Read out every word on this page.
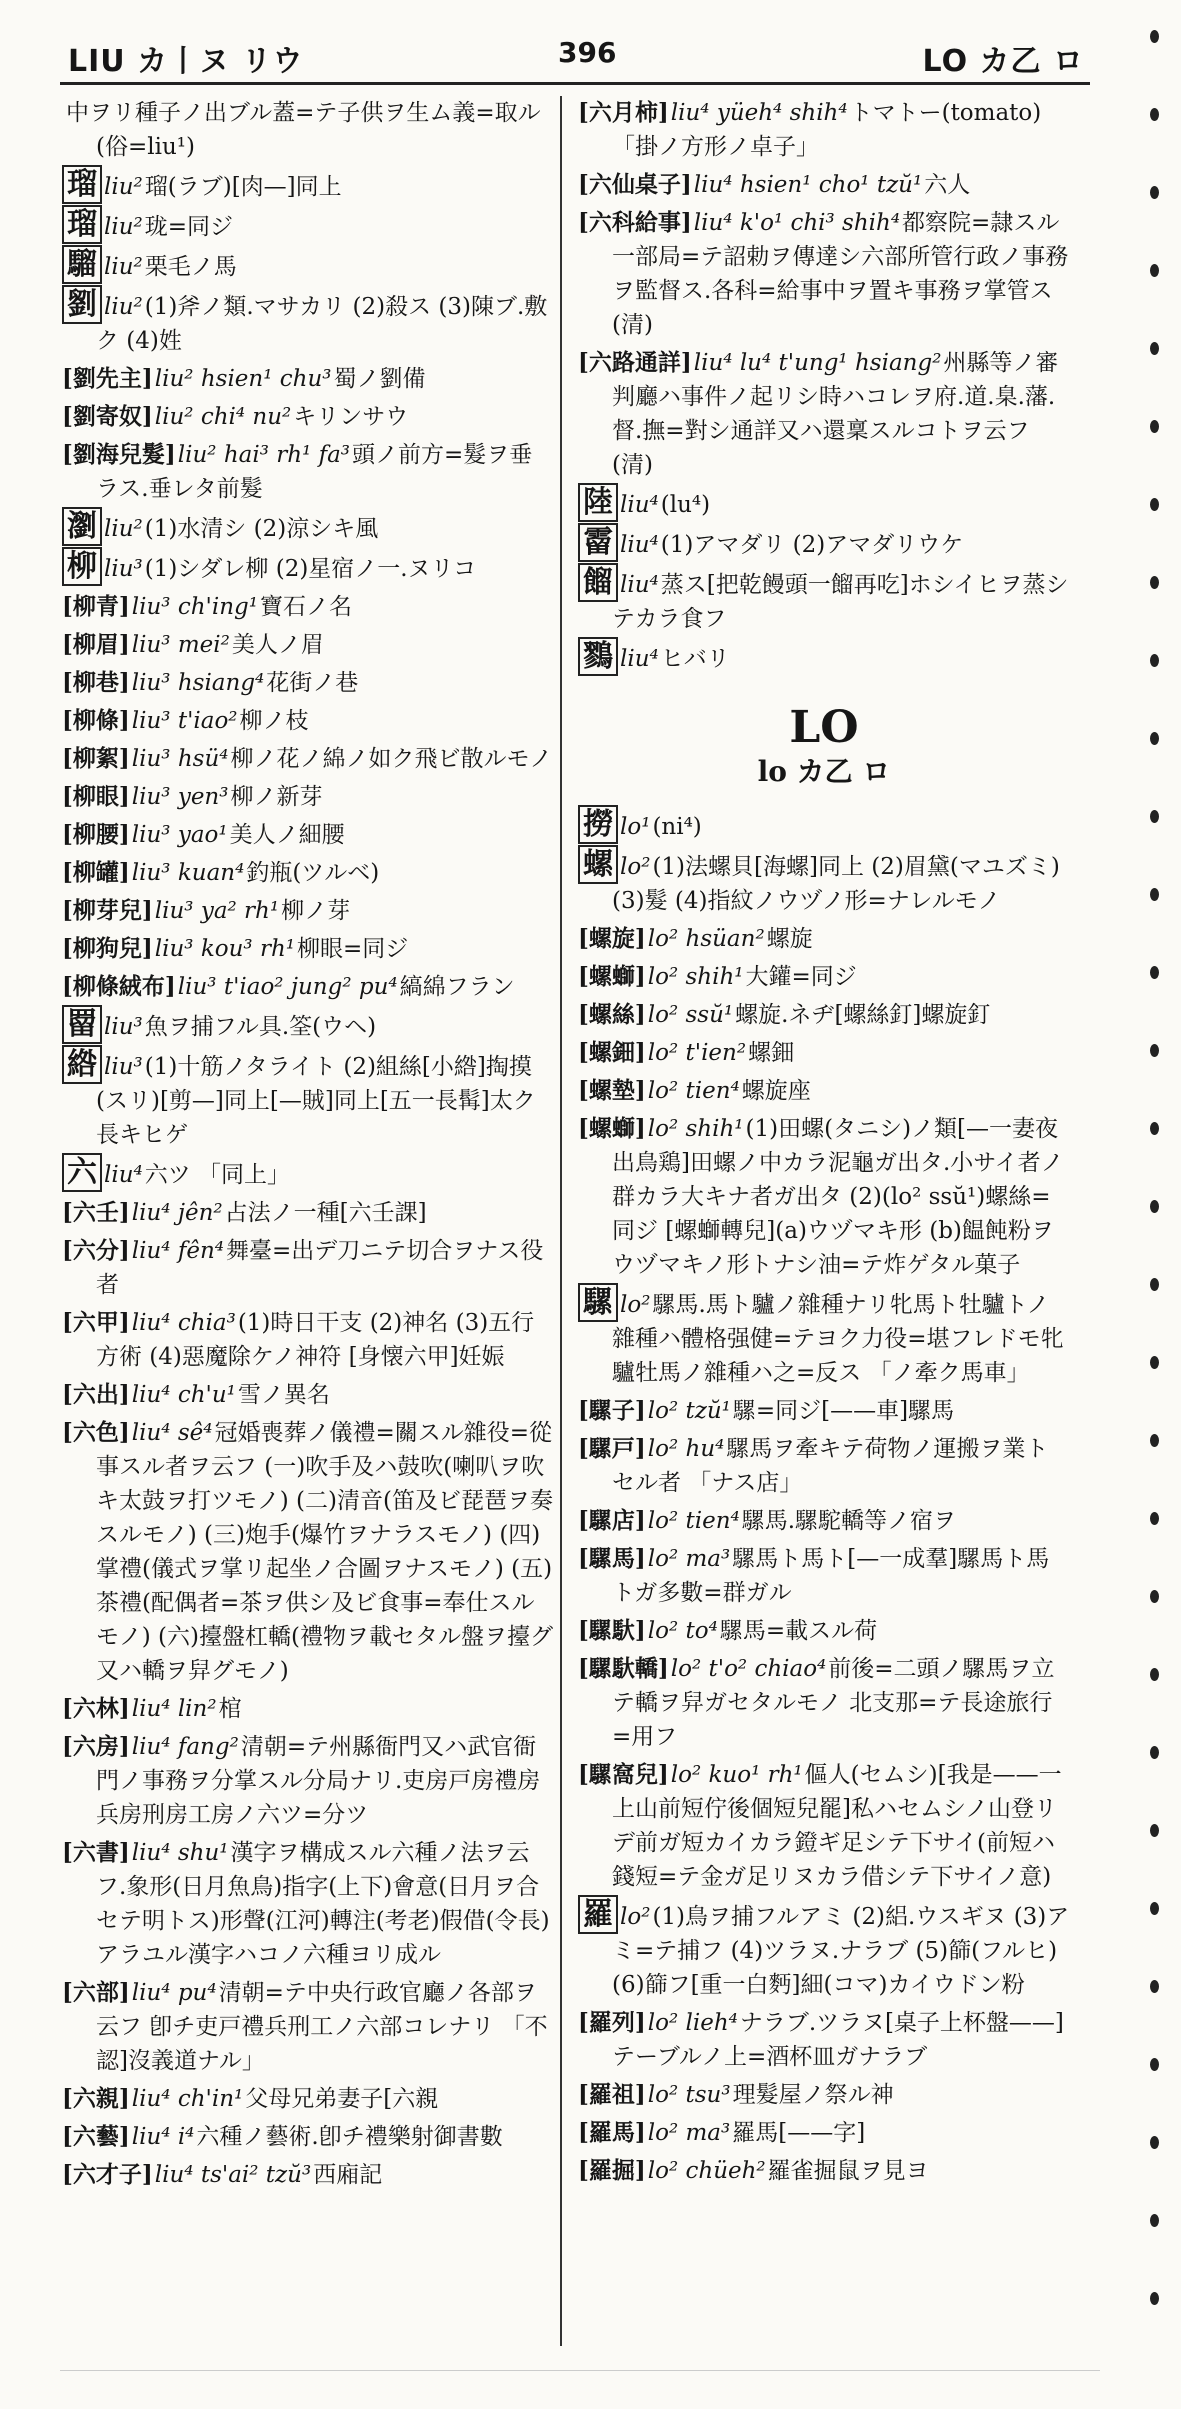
LIU カ丨ヌ リウ	396	LO カ乙 ロ
中ヲリ種子ノ出ブル蓋=テ子供ヲ生ム義=取ル(俗=liu¹)
瑠 liu²瑠(ラブ)[肉—]同上
瑠 liu²珑=同ジ
騮 liu²栗毛ノ馬
劉 liu²(1)斧ノ類.マサカリ (2)殺ス (3)陳ブ.敷ク (4)姓
[劉先主]liu² hsien¹ chu³蜀ノ劉備
[劉寄奴]liu² chi⁴ nu²キリンサウ
[劉海兒髮]liu² hai³ rh¹ fa³頭ノ前方=髮ヲ垂ラス.垂レタ前髮
瀏 liu²(1)水清シ (2)涼シキ風
柳 liu³(1)シダレ柳 (2)星宿ノ一.ヌリコ
[柳青]liu³ ch'ing¹寶石ノ名
[柳眉]liu³ mei²美人ノ眉
[柳巷]liu³ hsiang⁴花街ノ巷
[柳條]liu³ t'iao²柳ノ枝
[柳絮]liu³ hsü⁴柳ノ花ノ綿ノ如ク飛ビ散ルモノ
[柳眼]liu³ yen³柳ノ新芽
[柳腰]liu³ yao¹美人ノ細腰
[柳罐]liu³ kuan⁴釣瓶(ツルベ)
[柳芽兒]liu³ ya² rh¹柳ノ芽
[柳狗兒]liu³ kou³ rh¹柳眼=同ジ
[柳條絨布]liu³ t'iao² jung² pu⁴縞綿フラン
罶 liu³魚ヲ捕フル具.筌(ウヘ)
綹 liu³(1)十筋ノタライト (2)組絲[小綹]掏摸(スリ)[剪—]同上[—賊]同上[五一長髯]太ク長キヒゲ
六 liu⁴六ツ 「同上」
[六壬]liu⁴ jên²占法ノ一種[六壬課]
[六分]liu⁴ fên⁴舞臺=出デ刀ニテ切合ヲナス役者
[六甲]liu⁴ chia³(1)時日干支 (2)神名 (3)五行方術 (4)惡魔除ケノ神符 [身懐六甲]妊娠
[六出]liu⁴ ch'u¹雪ノ異名
[六色]liu⁴ sê⁴冠婚喪葬ノ儀禮=關スル雜役=從事スル者ヲ云フ (一)吹手及ハ鼓吹(喇叭ヲ吹キ太鼓ヲ打ツモノ) (二)清音(笛及ビ琵琶ヲ奏スルモノ) (三)炮手(爆竹ヲナラスモノ) (四)掌禮(儀式ヲ掌リ起坐ノ合圖ヲナスモノ) (五)茶禮(配偶者=茶ヲ供シ及ビ食事=奉仕スルモノ) (六)擡盤杠轎(禮物ヲ載セタル盤ヲ擡グ又ハ轎ヲ舁グモノ)
[六林]liu⁴ lin²棺
[六房]liu⁴ fang²清朝=テ州縣衙門又ハ武官衙門ノ事務ヲ分掌スル分局ナリ.吏房戸房禮房兵房刑房工房ノ六ツ=分ツ
[六書]liu⁴ shu¹漢字ヲ構成スル六種ノ法ヲ云フ.象形(日月魚鳥)指字(上下)會意(日月ヲ合セテ明トス)形聲(江河)轉注(考老)假借(令長)アラユル漢字ハコノ六種ヨリ成ル
[六部]liu⁴ pu⁴清朝=テ中央行政官廳ノ各部ヲ云フ 卽チ吏戸禮兵刑工ノ六部コレナリ 「不認]沒義道ナル」
[六親]liu⁴ ch'in¹父母兄弟妻子[六親
[六藝]liu⁴ i⁴六種ノ藝術.卽チ禮樂射御書數
[六才子]liu⁴ ts'ai² tzŭ³西廂記
[六月柿]liu⁴ yüeh⁴ shih⁴トマトー(tomato) 「掛ノ方形ノ卓子」
[六仙桌子]liu⁴ hsien¹ cho¹ tzŭ¹六人
[六科給事]liu⁴ k'o¹ chi³ shih⁴都察院=隷スル一部局=テ詔勅ヲ傳達シ六部所管行政ノ事務ヲ監督ス.各科=給事中ヲ置キ事務ヲ掌管ス(清)
[六路通詳]liu⁴ lu⁴ t'ung¹ hsiang²州縣等ノ審判廳ハ事件ノ起リシ時ハコレヲ府.道.臬.藩.督.撫=對シ通詳又ハ還稟スルコトヲ云フ(清)
陸 liu⁴(lu⁴)
霤 liu⁴(1)アマダリ (2)アマダリウケ
餾 liu⁴蒸ス[把乾饅頭一餾再吃]ホシイヒヲ蒸シテカラ食フ
鷚 liu⁴ヒバリ
LO
lo カ乙 ロ
撈 lo¹(ni⁴)
螺 lo²(1)法螺貝[海螺]同上 (2)眉黛(マユズミ) (3)髮 (4)指紋ノウヅノ形=ナレルモノ
[螺旋]lo² hsüan²螺旋
[螺螄]lo² shih¹大鑵=同ジ
[螺絲]lo² ssŭ¹螺旋.ネヂ[螺絲釘]螺旋釘
[螺鈿]lo² t'ien²螺鈿
[螺墊]lo² tien⁴螺旋座
[螺螄]lo² shih¹(1)田螺(タニシ)ノ類[—一妻夜出鳥鶏]田螺ノ中カラ泥龜ガ出タ.小サイ者ノ群カラ大キナ者ガ出タ (2)(lo² ssŭ¹)螺絲=同ジ [螺螄轉兒](a)ウヅマキ形 (b)饂飩粉ヲウヅマキノ形トナシ油=テ炸ゲタル菓子
騾 lo²騾馬.馬ト驢ノ雜種ナリ牝馬ト牡驢トノ雜種ハ體格强健=テヨク力役=堪フレドモ牝驢牡馬ノ雜種ハ之=反ス 「ノ牽ク馬車」
[騾子]lo² tzŭ¹騾=同ジ[——車]騾馬
[騾戸]lo² hu⁴騾馬ヲ牽キテ荷物ノ運搬ヲ業トセル者 「ナス店」
[騾店]lo² tien⁴騾馬.騾駝轎等ノ宿ヲ
[騾馬]lo² ma³騾馬ト馬ト[—一成羣]騾馬ト馬トガ多數=群ガル
[騾馱]lo² to⁴騾馬=載スル荷
[騾馱轎]lo² t'o² chiao⁴前後=二頭ノ騾馬ヲ立テ轎ヲ舁ガセタルモノ 北支那=テ長途旅行=用フ
[騾窩兒]lo² kuo¹ rh¹傴人(セムシ)[我是——一上山前短佇後個短兒罷]私ハセムシノ山登リデ前ガ短カイカラ鐙ギ足シテ下サイ(前短ハ錢短=テ金ガ足リヌカラ借シテ下サイノ意)
羅 lo²(1)鳥ヲ捕フルアミ (2)絽.ウスギヌ (3)アミ=テ捕フ (4)ツラヌ.ナラブ (5)篩(フルヒ) (6)篩フ[重一白麪]細(コマ)カイウドン粉
[羅列]lo² lieh⁴ナラブ.ツラヌ[桌子上杯盤——]テーブルノ上=酒杯皿ガナラブ
[羅祖]lo² tsu³理髮屋ノ祭ル神
[羅馬]lo² ma³羅馬[——字]
[羅掘]lo² chüeh²羅雀掘鼠ヲ見ヨ
